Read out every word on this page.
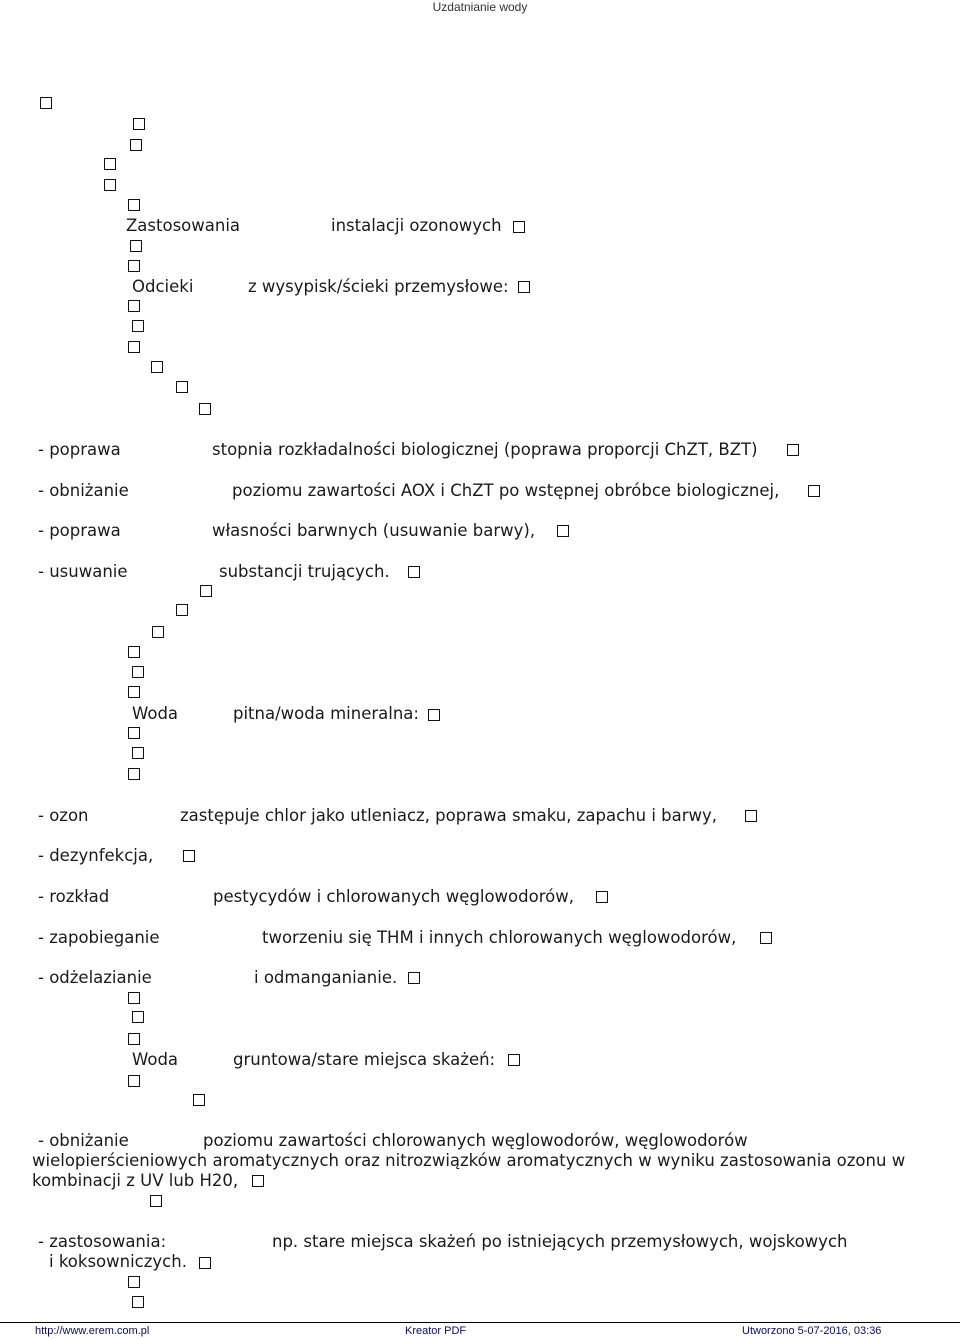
Uzdatnianie wody
Zastosowania	instalacji ozonowych
Odcieki	z wysypisk/ścieki przemysłowe:
- poprawa	stopnia rozkładalności biologicznej (poprawa proporcji ChZT, BZT)
- obniżanie	poziomu zawartości AOX i ChZT po wstępnej obróbce biologicznej,
- poprawa	własności barwnych (usuwanie barwy),
- usuwanie	substancji trujących.
Woda	pitna/woda mineralna:
- ozon	zastępuje chlor jako utleniacz, poprawa smaku, zapachu i barwy,
- dezynfekcja,
- rozkład	pestycydów i chlorowanych węglowodorów,
- zapobieganie	tworzeniu się THM i innych chlorowanych węglowodorów,
- odżelazianie	i odmanganianie.
Woda	gruntowa/stare miejsca skażeń:
- obniżanie	poziomu zawartości chlorowanych węglowodorów, węglowodorów
wielopierścieniowych aromatycznych oraz nitrozwiązków aromatycznych w wyniku zastosowania ozonu w
kombinacji z UV lub H20,
- zastosowania:	np. stare miejsca skażeń po istniejących przemysłowych, wojskowych
i koksowniczych.
http://www.erem.com.pl	Kreator PDF	Utworzono 5-07-2016, 03:36
